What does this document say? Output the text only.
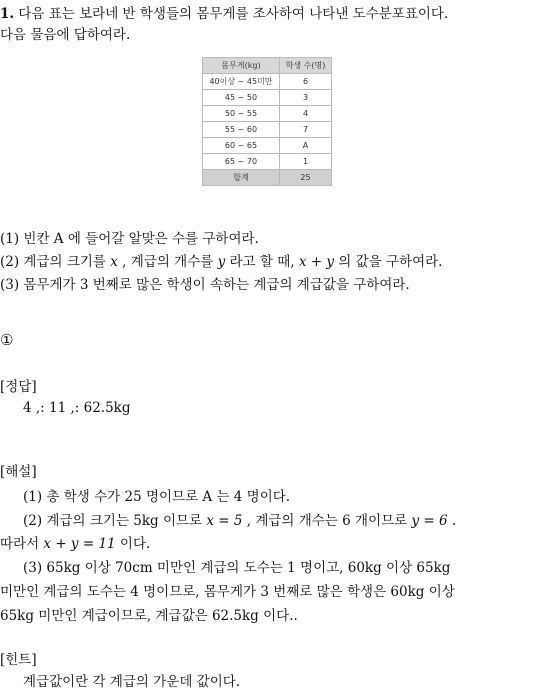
1. 다음 표는 보라네 반 학생들의 몸무게를 조사하여 나타낸 도수분포표이다.
다음 물음에 답하여라.
몸무게(kg)	학생 수(명)
40이상 ~ 45미만	6
45 ~ 50	3
50 ~ 55	4
55 ~ 60	7
60 ~ 65	A
65 ~ 70	1
합계	25
(1) 빈칸 A 에 들어갈 알맞은 수를 구하여라.
(2) 계급의 크기를 x , 계급의 개수를 y 라고 할 때, x + y 의 값을 구하여라.
(3) 몸무게가 3 번째로 많은 학생이 속하는 계급의 계급값을 구하여라.
①
[정답]
4 ,: 11 ,: 62.5kg
[해설]
(1) 총 학생 수가 25 명이므로 A 는 4 명이다.
(2) 계급의 크기는 5kg 이므로 x = 5 , 계급의 개수는 6 개이므로 y = 6 .
따라서 x + y = 11 이다.
(3) 65kg 이상 70cm 미만인 계급의 도수는 1 명이고, 60kg 이상 65kg
미만인 계급의 도수는 4 명이므로, 몸무게가 3 번째로 많은 학생은 60kg 이상
65kg 미만인 계급이므로, 계급값은 62.5kg 이다..
[힌트]
계급값이란 각 계급의 가운데 값이다.
